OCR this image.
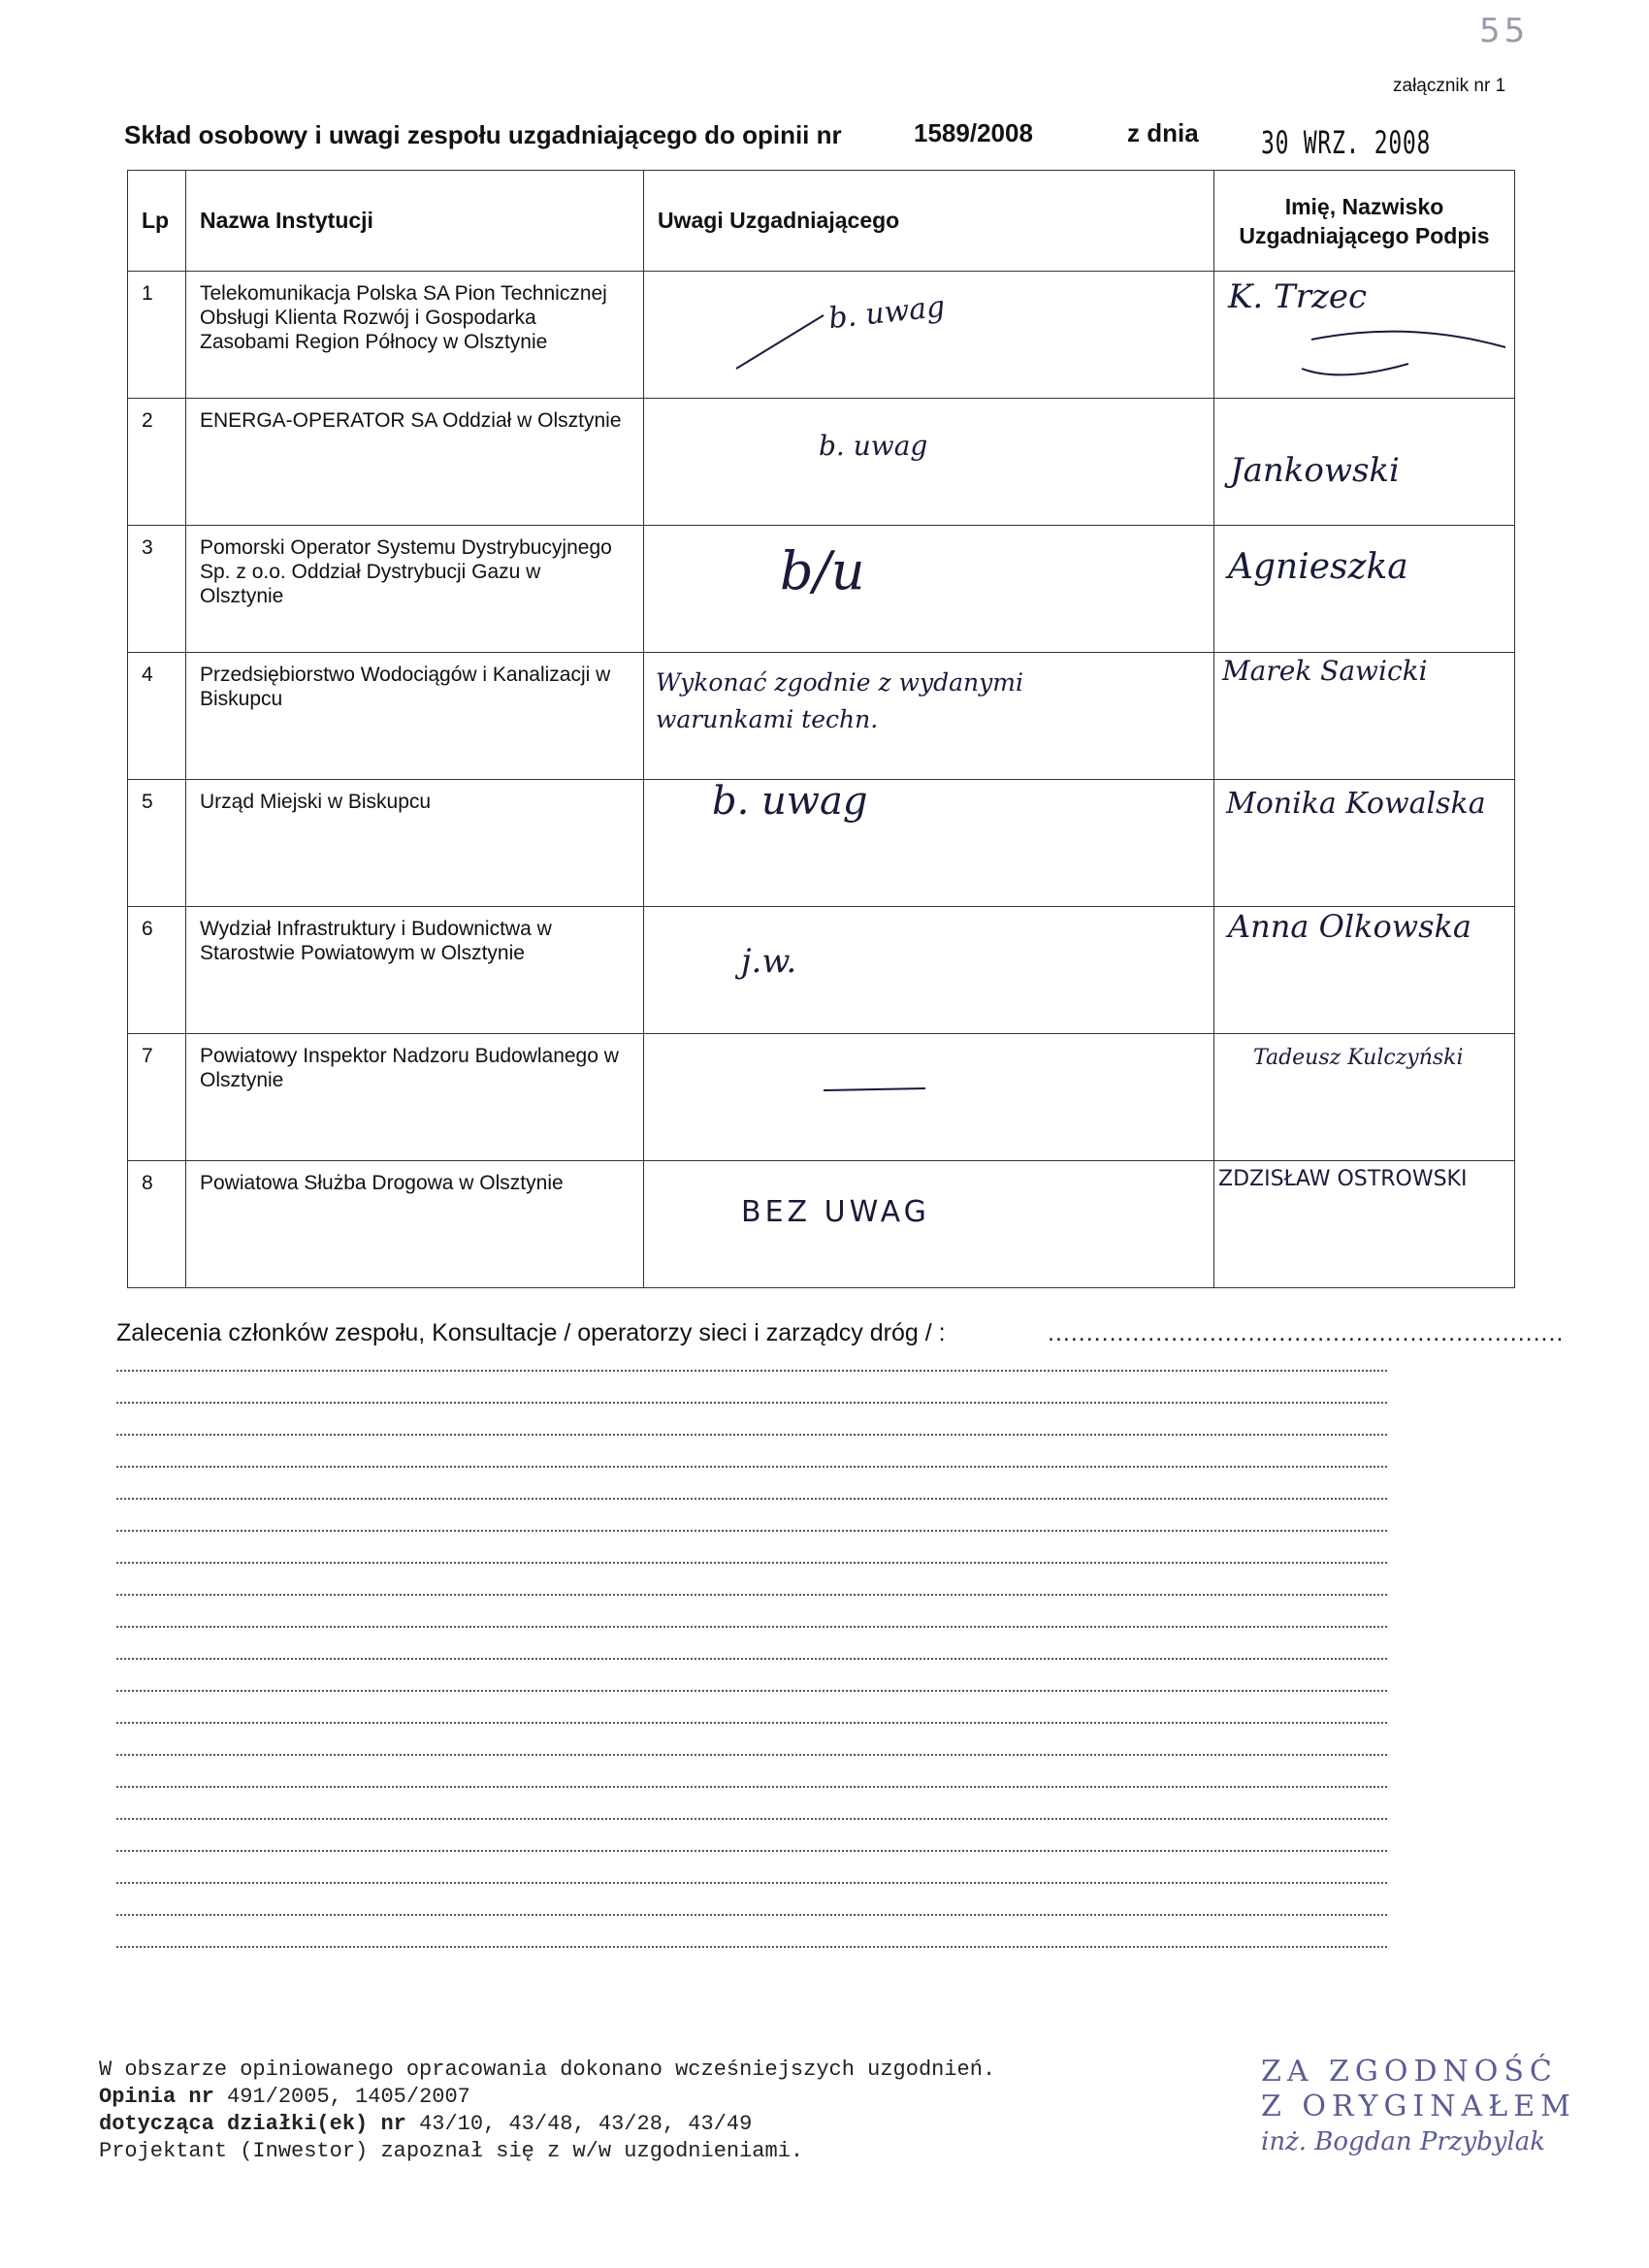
55
załącznik nr 1
Skład osobowy i uwagi zespołu uzgadniającego do opinii nr	1589/2008	z dnia 30 WRZ. 2008
Lp	Nazwa Instytucji	Uwagi Uzgadniającego	Imię, Nazwisko Uzgadniającego Podpis
1	Telekomunikacja Polska SA Pion Technicznej Obsługi Klienta Rozwój i Gospodarka Zasobami Region Północy w Olsztynie	b. uwag	K. Trzec

2	ENERGA-OPERATOR SA Oddział w Olsztynie	b. uwag	Jankowski

3	Pomorski Operator Systemu Dystrybucyjnego Sp. z o.o. Oddział Dystrybucji Gazu w Olsztynie	b/u	Agnieszka

4	Przedsiębiorstwo Wodociągów i Kanalizacji w Biskupcu	Wykonać zgodnie z wydanymi warunkami techn.	Marek Sawicki

5	Urząd Miejski w Biskupcu	b. uwag	Monika Kowalska

6	Wydział Infrastruktury i Budownictwa w Starostwie Powiatowym w Olsztynie	j.w.	Anna Olkowska

7	Powiatowy Inspektor Nadzoru Budowlanego w Olsztynie		Tadeusz Kulczyński

8	Powiatowa Służba Drogowa w Olsztynie	BEZ UWAG	ZDZISŁAW OSTROWSKI
Zalecenia członków zespołu, Konsultacje / operatorzy sieci i zarządcy dróg / :	...................................................................
W obszarze opiniowanego opracowania dokonano wcześniejszych uzgodnień.
Opinia nr 491/2005, 1405/2007
dotycząca działki(ek) nr 43/10, 43/48, 43/28, 43/49
Projektant (Inwestor) zapoznał się z w/w uzgodnieniami.
ZA ZGODNOŚĆ
Z ORYGINAŁEM
inż. Bogdan Przybylak
